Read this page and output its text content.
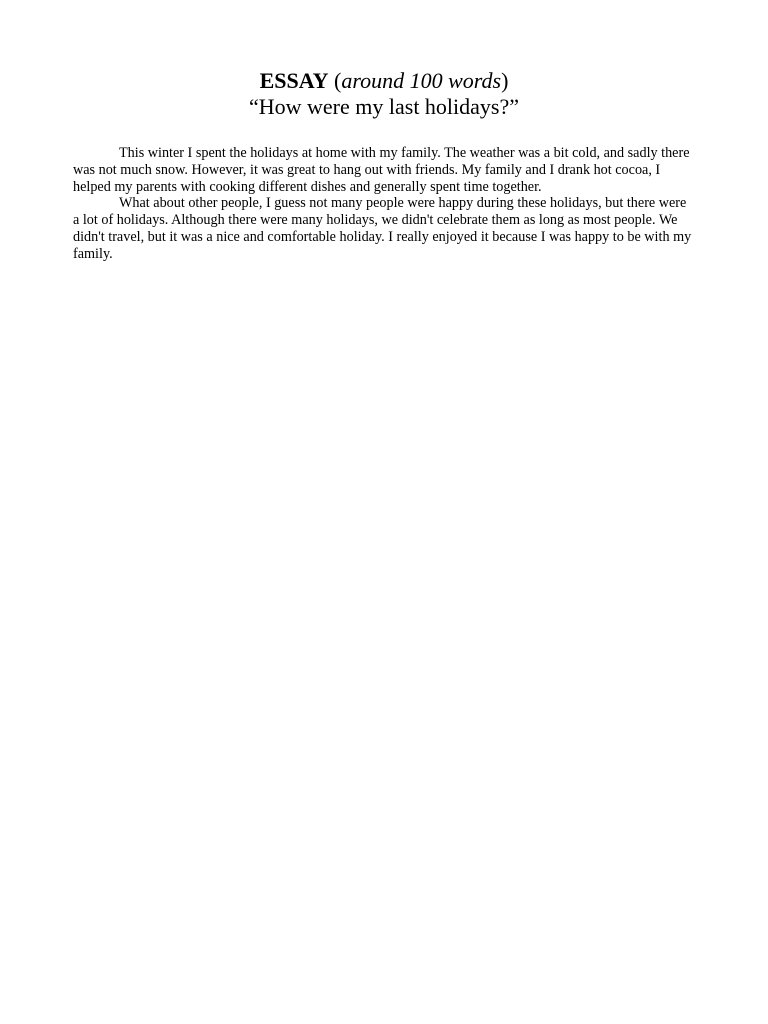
ESSAY (around 100 words)

“How were my last holidays?”

This winter I spent the holidays at home with my family. The weather was a bit cold, and sadly there was not much snow. However, it was great to hang out with friends. My family and I drank hot cocoa, I helped my parents with cooking different dishes and generally spent time together.

What about other people, I guess not many people were happy during these holidays, but there were a lot of holidays. Although there were many holidays, we didn't celebrate them as long as most people. We didn't travel, but it was a nice and comfortable holiday. I really enjoyed it because I was happy to be with my family.
